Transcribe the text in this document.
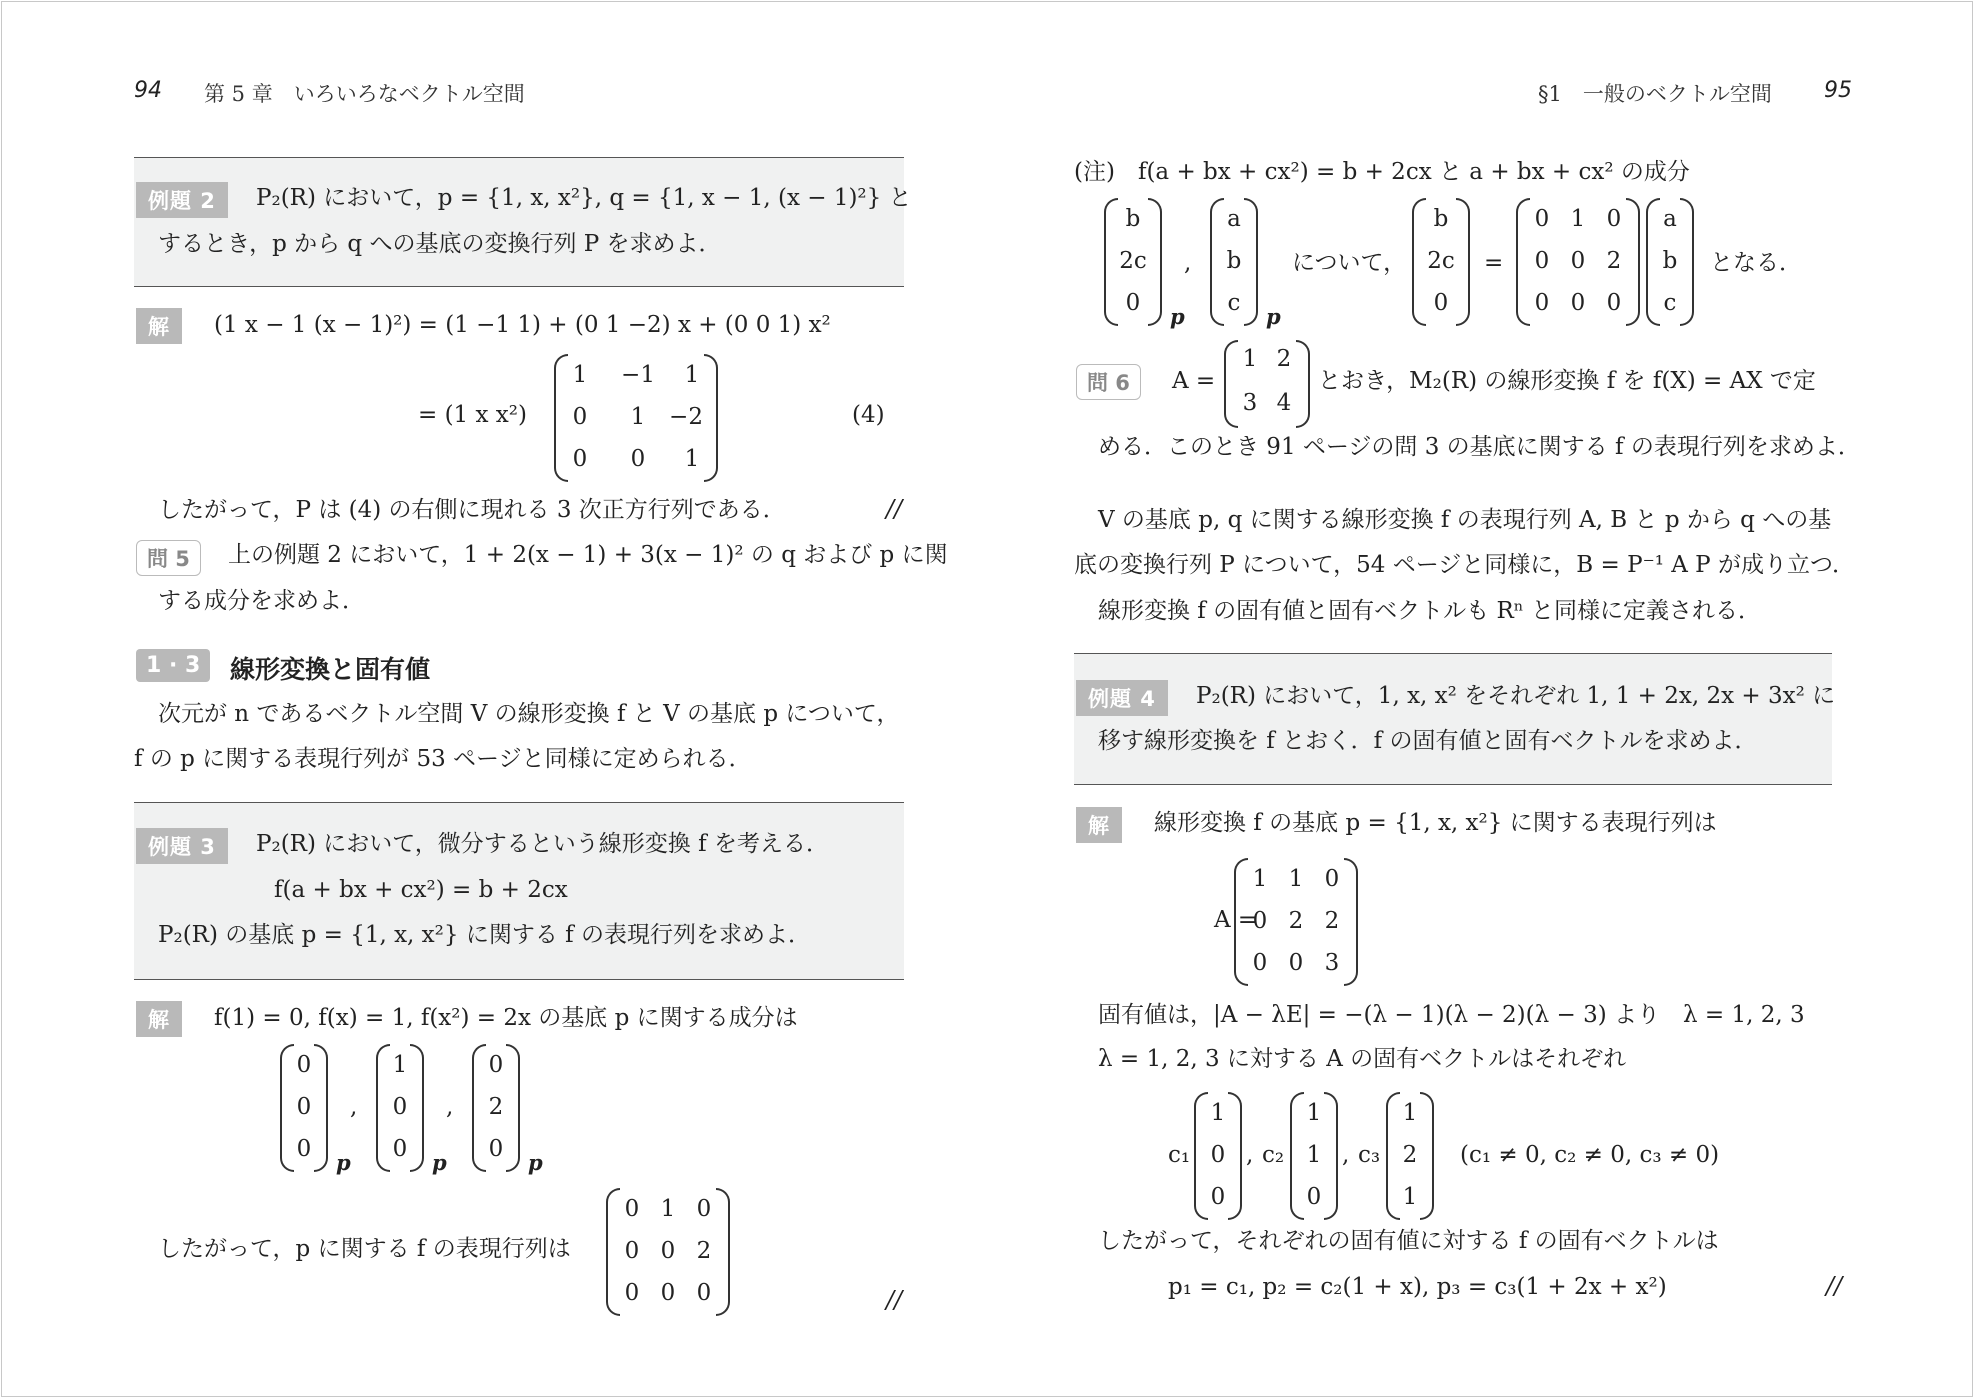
94 第 5 章　いろいろなベクトル空間
例題 2	P₂(R) において，p = {1, x, x²}, q = {1, x − 1, (x − 1)²} と
するとき，p から q への基底の変換行列 P を求めよ．
解	(1 x − 1 (x − 1)²) = (1 −1 1) + (0 1 −2) x + (0 0 1) x²
= (1 x x²)
1	−1	1
0	1	−2
0	0	1
(4)
したがって，P は (4) の右側に現れる 3 次正方行列である．	//
問 5	上の例題 2 において，1 + 2(x − 1) + 3(x − 1)² の q および p に関
する成分を求めよ．
1 · 3	線形変換と固有値
次元が n であるベクトル空間 V の線形変換 f と V の基底 p について，
f の p に関する表現行列が 53 ページと同様に定められる．
例題 3	P₂(R) において，微分するという線形変換 f を考える．
f(a + bx + cx²) = b + 2cx
P₂(R) の基底 p = {1, x, x²} に関する f の表現行列を求めよ．
解	f(1) = 0, f(x) = 1, f(x²) = 2x の基底 p に関する成分は
0
0
0
p
,
1
0
0
p
,
0
2
0
p
したがって，p に関する f の表現行列は
0 1 0
0 0 2
0 0 0	//
§1　一般のベクトル空間 95
(注)　f(a + bx + cx²) = b + 2cx と a + bx + cx² の成分
b
2c
0
p
,
a
b
c
p
について，
b
2c
0
=
0 1 0
0 0 2
0 0 0
a
b
c
となる．
問 6	A =
1 2
3 4
とおき，M₂(R) の線形変換 f を f(X) = AX で定
める．このとき 91 ページの問 3 の基底に関する f の表現行列を求めよ．
V の基底 p, q に関する線形変換 f の表現行列 A, B と p から q への基
底の変換行列 P について，54 ページと同様に，B = P⁻¹ A P が成り立つ．
線形変換 f の固有値と固有ベクトルも Rⁿ と同様に定義される．
例題 4	P₂(R) において，1, x, x² をそれぞれ 1, 1 + 2x, 2x + 3x² に
移す線形変換を f とおく．f の固有値と固有ベクトルを求めよ．
解	線形変換 f の基底 p = {1, x, x²} に関する表現行列は
A =
1 1 0
0 2 2
0 0 3
固有値は，|A − λE| = −(λ − 1)(λ − 2)(λ − 3) より　λ = 1, 2, 3
λ = 1, 2, 3 に対する A の固有ベクトルはそれぞれ
c₁
1
0
0
, c₂
1
1
0
, c₃
1
2
1
(c₁ ≠ 0, c₂ ≠ 0, c₃ ≠ 0)
したがって，それぞれの固有値に対する f の固有ベクトルは
p₁ = c₁, p₂ = c₂(1 + x), p₃ = c₃(1 + 2x + x²)	//
